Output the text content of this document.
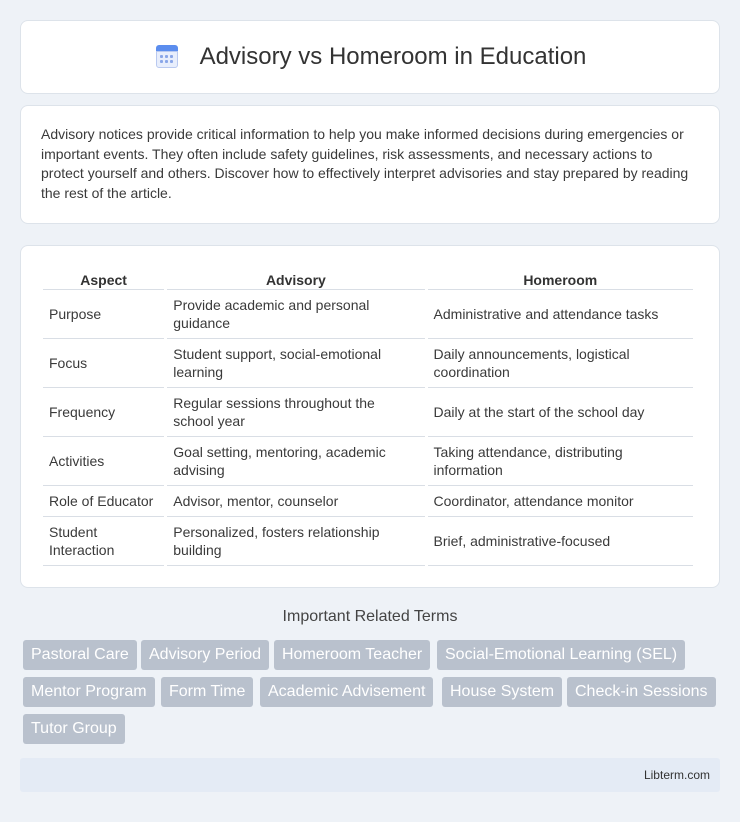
Advisory vs Homeroom in Education

Advisory notices provide critical information to help you make informed decisions during emergencies or important events. They often include safety guidelines, risk assessments, and necessary actions to protect yourself and others. Discover how to effectively interpret advisories and stay prepared by reading the rest of the article.

Aspect	Advisory	Homeroom
Purpose	Provide academic and personal guidance	Administrative and attendance tasks
Focus	Student support, social-emotional learning	Daily announcements, logistical coordination
Frequency	Regular sessions throughout the school year	Daily at the start of the school day
Activities	Goal setting, mentoring, academic advising	Taking attendance, distributing information
Role of Educator	Advisor, mentor, counselor	Coordinator, attendance monitor
Student Interaction	Personalized, fosters relationship building	Brief, administrative-focused
Important Related Terms
Pastoral Care	Advisory Period	Homeroom Teacher	Social-Emotional Learning (SEL)
Mentor Program	Form Time	Academic Advisement	House System	Check-in Sessions
Tutor Group
Libterm.com
